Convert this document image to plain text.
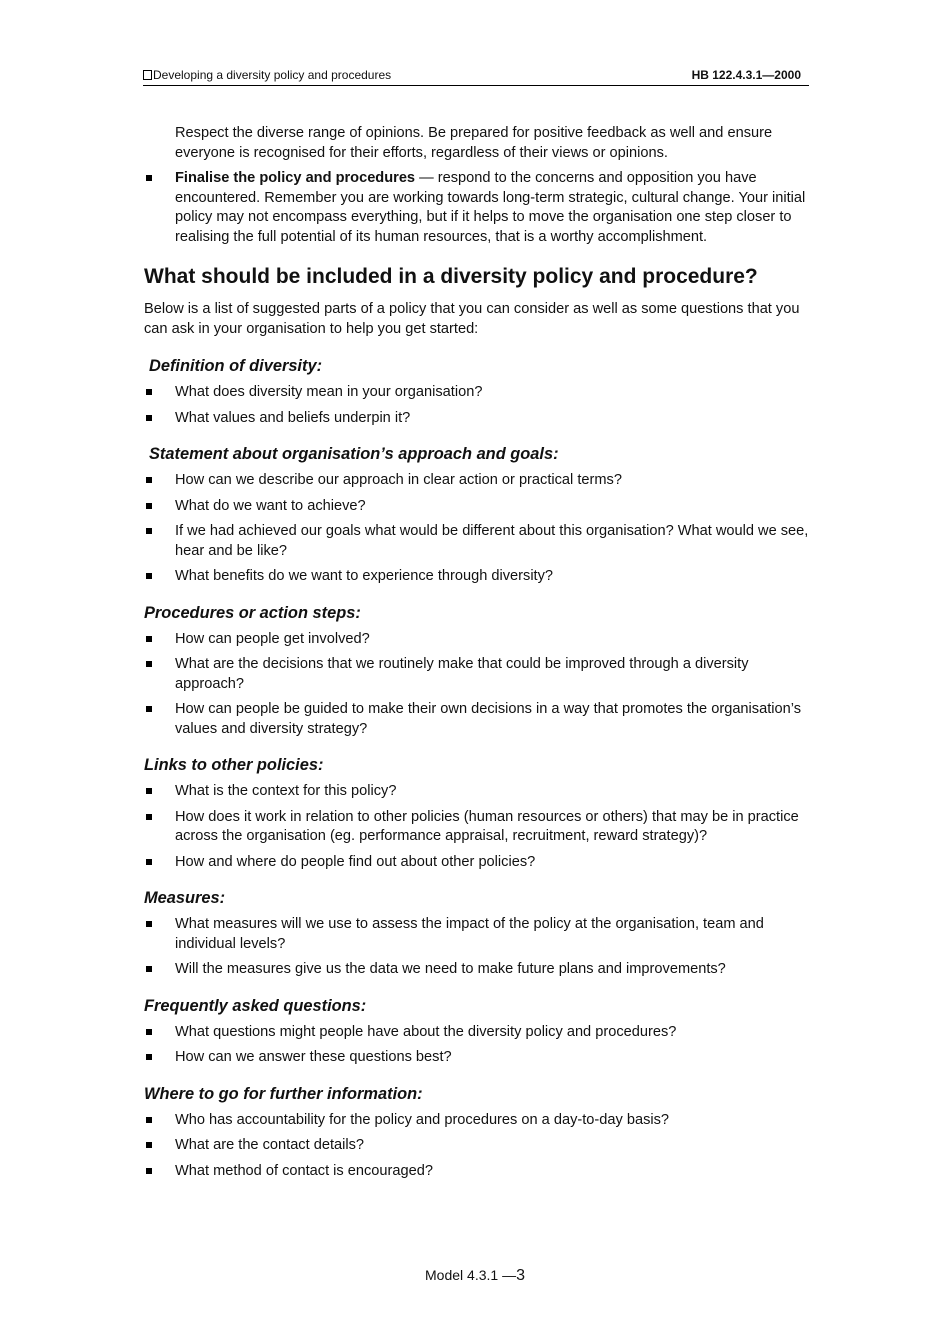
Developing a diversity policy and procedures	HB 122.4.3.1—2000

Respect the diverse range of opinions. Be prepared for positive feedback as well and ensure everyone is recognised for their efforts, regardless of their views or opinions.

Finalise the policy and procedures — respond to the concerns and opposition you have encountered. Remember you are working towards long-term strategic, cultural change. Your initial policy may not encompass everything, but if it helps to move the organisation one step closer to realising the full potential of its human resources, that is a worthy accomplishment.
What should be included in a diversity policy and procedure?

Below is a list of suggested parts of a policy that you can consider as well as some questions that you can ask in your organisation to help you get started:

Definition of diversity:
What does diversity mean in your organisation?
What values and beliefs underpin it?
Statement about organisation’s approach and goals:
How can we describe our approach in clear action or practical terms?
What do we want to achieve?
If we had achieved our goals what would be different about this organisation? What would we see, hear and be like?
What benefits do we want to experience through diversity?
Procedures or action steps:
How can people get involved?
What are the decisions that we routinely make that could be improved through a diversity approach?
How can people be guided to make their own decisions in a way that promotes the organisation’s values and diversity strategy?
Links to other policies:
What is the context for this policy?
How does it work in relation to other policies (human resources or others) that may be in practice across the organisation (eg. performance appraisal, recruitment, reward strategy)?
How and where do people find out about other policies?
Measures:
What measures will we use to assess the impact of the policy at the organisation, team and individual levels?
Will the measures give us the data we need to make future plans and improvements?
Frequently asked questions:
What questions might people have about the diversity policy and procedures?
How can we answer these questions best?
Where to go for further information:
Who has accountability for the policy and procedures on a day-to-day basis?
What are the contact details?
What method of contact is encouraged?
Model 4.3.1 —3
